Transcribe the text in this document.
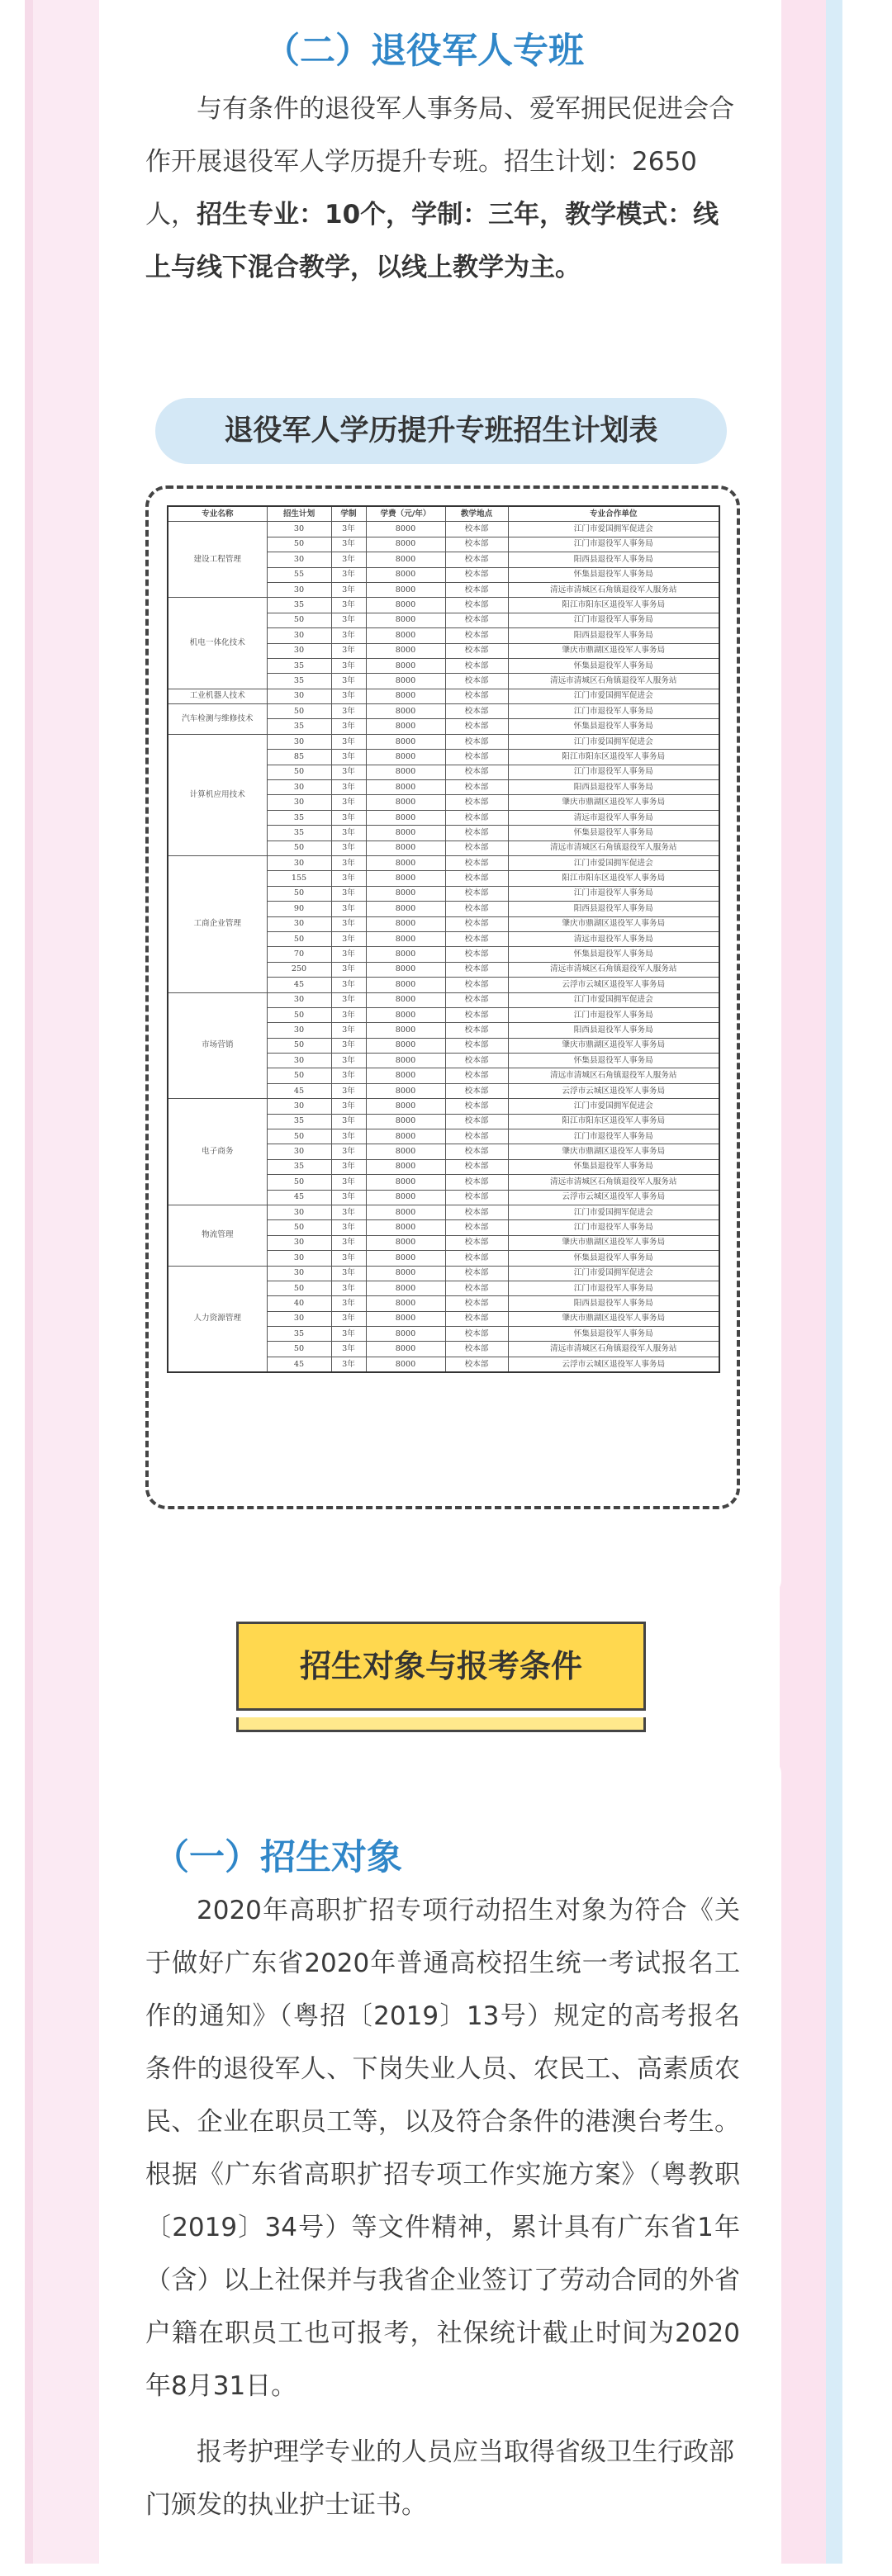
（二）退役军人专班
与有条件的退役军人事务局、爱军拥民促进会合作开展退役军人学历提升专班。招生计划：2650人，招生专业：10个，学制：三年，教学模式：线上与线下混合教学，以线上教学为主。
退役军人学历提升专班招生计划表
专业名称	招生计划	学制	学费（元/年）	教学地点	专业合作单位
建设工程管理	30	3年	8000	校本部	江门市爱国拥军促进会
	50	3年	8000	校本部	江门市退役军人事务局
	30	3年	8000	校本部	阳西县退役军人事务局
	55	3年	8000	校本部	怀集县退役军人事务局
	30	3年	8000	校本部	清远市清城区石角镇退役军人服务站
机电一体化技术	35	3年	8000	校本部	阳江市阳东区退役军人事务局
	50	3年	8000	校本部	江门市退役军人事务局
	30	3年	8000	校本部	阳西县退役军人事务局
	30	3年	8000	校本部	肇庆市鼎湖区退役军人事务局
	35	3年	8000	校本部	怀集县退役军人事务局
	35	3年	8000	校本部	清远市清城区石角镇退役军人服务站
工业机器人技术	30	3年	8000	校本部	江门市爱国拥军促进会
汽车检测与维修技术	50	3年	8000	校本部	江门市退役军人事务局
	35	3年	8000	校本部	怀集县退役军人事务局
计算机应用技术	30	3年	8000	校本部	江门市爱国拥军促进会
	85	3年	8000	校本部	阳江市阳东区退役军人事务局
	50	3年	8000	校本部	江门市退役军人事务局
	30	3年	8000	校本部	阳西县退役军人事务局
	30	3年	8000	校本部	肇庆市鼎湖区退役军人事务局
	35	3年	8000	校本部	清远市退役军人事务局
	35	3年	8000	校本部	怀集县退役军人事务局
	50	3年	8000	校本部	清远市清城区石角镇退役军人服务站
工商企业管理	30	3年	8000	校本部	江门市爱国拥军促进会
	155	3年	8000	校本部	阳江市阳东区退役军人事务局
	50	3年	8000	校本部	江门市退役军人事务局
	90	3年	8000	校本部	阳西县退役军人事务局
	30	3年	8000	校本部	肇庆市鼎湖区退役军人事务局
	50	3年	8000	校本部	清远市退役军人事务局
	70	3年	8000	校本部	怀集县退役军人事务局
	250	3年	8000	校本部	清远市清城区石角镇退役军人服务站
	45	3年	8000	校本部	云浮市云城区退役军人事务局
市场营销	30	3年	8000	校本部	江门市爱国拥军促进会
	50	3年	8000	校本部	江门市退役军人事务局
	30	3年	8000	校本部	阳西县退役军人事务局
	50	3年	8000	校本部	肇庆市鼎湖区退役军人事务局
	30	3年	8000	校本部	怀集县退役军人事务局
	50	3年	8000	校本部	清远市清城区石角镇退役军人服务站
	45	3年	8000	校本部	云浮市云城区退役军人事务局
电子商务	30	3年	8000	校本部	江门市爱国拥军促进会
	35	3年	8000	校本部	阳江市阳东区退役军人事务局
	50	3年	8000	校本部	江门市退役军人事务局
	30	3年	8000	校本部	肇庆市鼎湖区退役军人事务局
	35	3年	8000	校本部	怀集县退役军人事务局
	50	3年	8000	校本部	清远市清城区石角镇退役军人服务站
	45	3年	8000	校本部	云浮市云城区退役军人事务局
物流管理	30	3年	8000	校本部	江门市爱国拥军促进会
	50	3年	8000	校本部	江门市退役军人事务局
	30	3年	8000	校本部	肇庆市鼎湖区退役军人事务局
	30	3年	8000	校本部	怀集县退役军人事务局
人力资源管理	30	3年	8000	校本部	江门市爱国拥军促进会
	50	3年	8000	校本部	江门市退役军人事务局
	40	3年	8000	校本部	阳西县退役军人事务局
	30	3年	8000	校本部	肇庆市鼎湖区退役军人事务局
	35	3年	8000	校本部	怀集县退役军人事务局
	50	3年	8000	校本部	清远市清城区石角镇退役军人服务站
	45	3年	8000	校本部	云浮市云城区退役军人事务局
招生对象与报考条件
（一）招生对象
2020年高职扩招专项行动招生对象为符合《关于做好广东省2020年普通高校招生统一考试报名工作的通知》（粤招〔2019〕13号）规定的高考报名条件的退役军人、下岗失业人员、农民工、高素质农民、企业在职员工等，以及符合条件的港澳台考生。根据《广东省高职扩招专项工作实施方案》（粤教职〔2019〕34号）等文件精神，累计具有广东省1年（含）以上社保并与我省企业签订了劳动合同的外省户籍在职员工也可报考，社保统计截止时间为2020年8月31日。
报考护理学专业的人员应当取得省级卫生行政部门颁发的执业护士证书。
